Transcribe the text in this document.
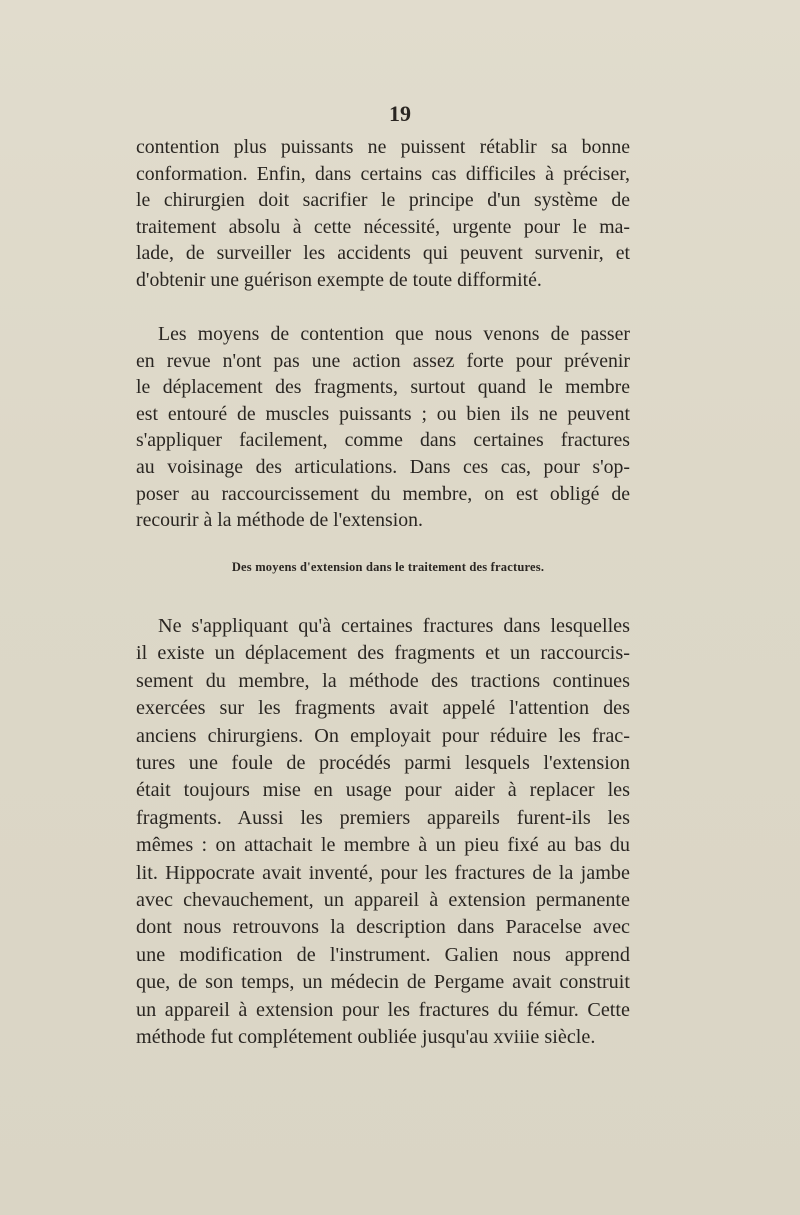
19
contention plus puissants ne puissent rétablir sa bonne
conformation. Enfin, dans certains cas difficiles à préciser,
le chirurgien doit sacrifier le principe d'un système de
traitement absolu à cette nécessité, urgente pour le ma-
lade, de surveiller les accidents qui peuvent survenir, et
d'obtenir une guérison exempte de toute difformité.
Les moyens de contention que nous venons de passer
en revue n'ont pas une action assez forte pour prévenir
le déplacement des fragments, surtout quand le membre
est entouré de muscles puissants ; ou bien ils ne peuvent
s'appliquer facilement, comme dans certaines fractures
au voisinage des articulations. Dans ces cas, pour s'op-
poser au raccourcissement du membre, on est obligé de
recourir à la méthode de l'extension.
Des moyens d'extension dans le traitement des fractures.
Ne s'appliquant qu'à certaines fractures dans lesquelles
il existe un déplacement des fragments et un raccourcis-
sement du membre, la méthode des tractions continues
exercées sur les fragments avait appelé l'attention des
anciens chirurgiens. On employait pour réduire les frac-
tures une foule de procédés parmi lesquels l'extension
était toujours mise en usage pour aider à replacer les
fragments. Aussi les premiers appareils furent-ils les
mêmes : on attachait le membre à un pieu fixé au bas du
lit. Hippocrate avait inventé, pour les fractures de la jambe
avec chevauchement, un appareil à extension permanente
dont nous retrouvons la description dans Paracelse avec
une modification de l'instrument. Galien nous apprend
que, de son temps, un médecin de Pergame avait construit
un appareil à extension pour les fractures du fémur. Cette
méthode fut complétement oubliée jusqu'au xviiie siècle.
